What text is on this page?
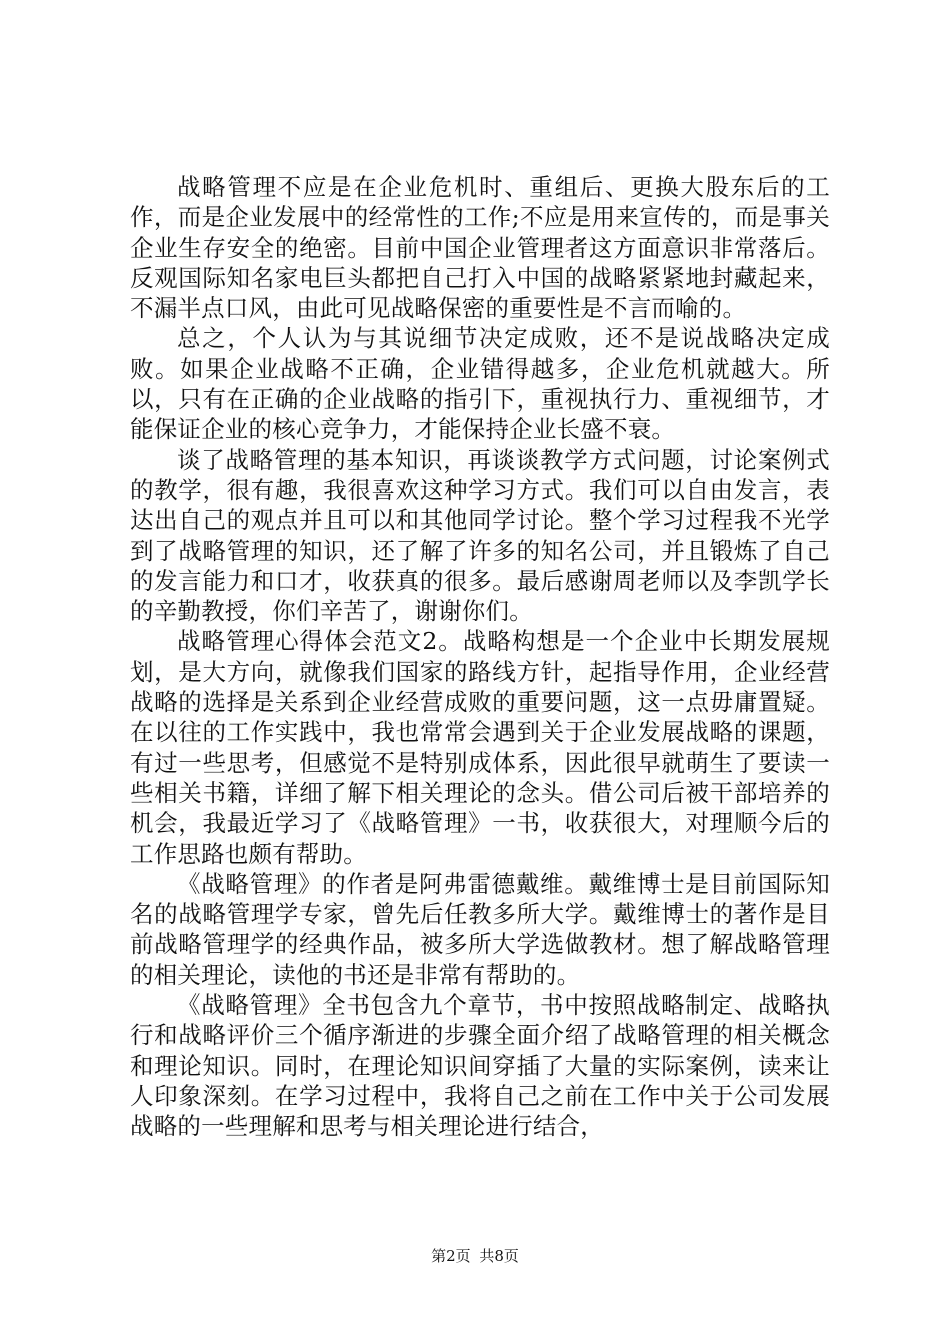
战略管理不应是在企业危机时、重组后、更换大股东后的工作，而是企业发展中的经常性的工作;不应是用来宣传的，而是事关企业生存安全的绝密。目前中国企业管理者这方面意识非常落后。反观国际知名家电巨头都把自己打入中国的战略紧紧地封藏起来，不漏半点口风，由此可见战略保密的重要性是不言而喻的。

总之，个人认为与其说细节决定成败，还不是说战略决定成败。如果企业战略不正确，企业错得越多，企业危机就越大。所以，只有在正确的企业战略的指引下，重视执行力、重视细节，才能保证企业的核心竞争力，才能保持企业长盛不衰。

谈了战略管理的基本知识，再谈谈教学方式问题，讨论案例式的教学，很有趣，我很喜欢这种学习方式。我们可以自由发言，表达出自己的观点并且可以和其他同学讨论。整个学习过程我不光学到了战略管理的知识，还了解了许多的知名公司，并且锻炼了自己的发言能力和口才，收获真的很多。最后感谢周老师以及李凯学长的辛勤教授，你们辛苦了，谢谢你们。

战略管理心得体会范文2。战略构想是一个企业中长期发展规划，是大方向，就像我们国家的路线方针，起指导作用，企业经营战略的选择是关系到企业经营成败的重要问题，这一点毋庸置疑。在以往的工作实践中，我也常常会遇到关于企业发展战略的课题，有过一些思考，但感觉不是特别成体系，因此很早就萌生了要读一些相关书籍，详细了解下相关理论的念头。借公司后被干部培养的机会，我最近学习了《战略管理》一书，收获很大，对理顺今后的工作思路也颇有帮助。

《战略管理》的作者是阿弗雷德戴维。戴维博士是目前国际知名的战略管理学专家，曾先后任教多所大学。戴维博士的著作是目前战略管理学的经典作品，被多所大学选做教材。想了解战略管理的相关理论，读他的书还是非常有帮助的。

《战略管理》全书包含九个章节，书中按照战略制定、战略执行和战略评价三个循序渐进的步骤全面介绍了战略管理的相关概念和理论知识。同时，在理论知识间穿插了大量的实际案例，读来让人印象深刻。在学习过程中，我将自己之前在工作中关于公司发展战略的一些理解和思考与相关理论进行结合，

第2页 共8页
